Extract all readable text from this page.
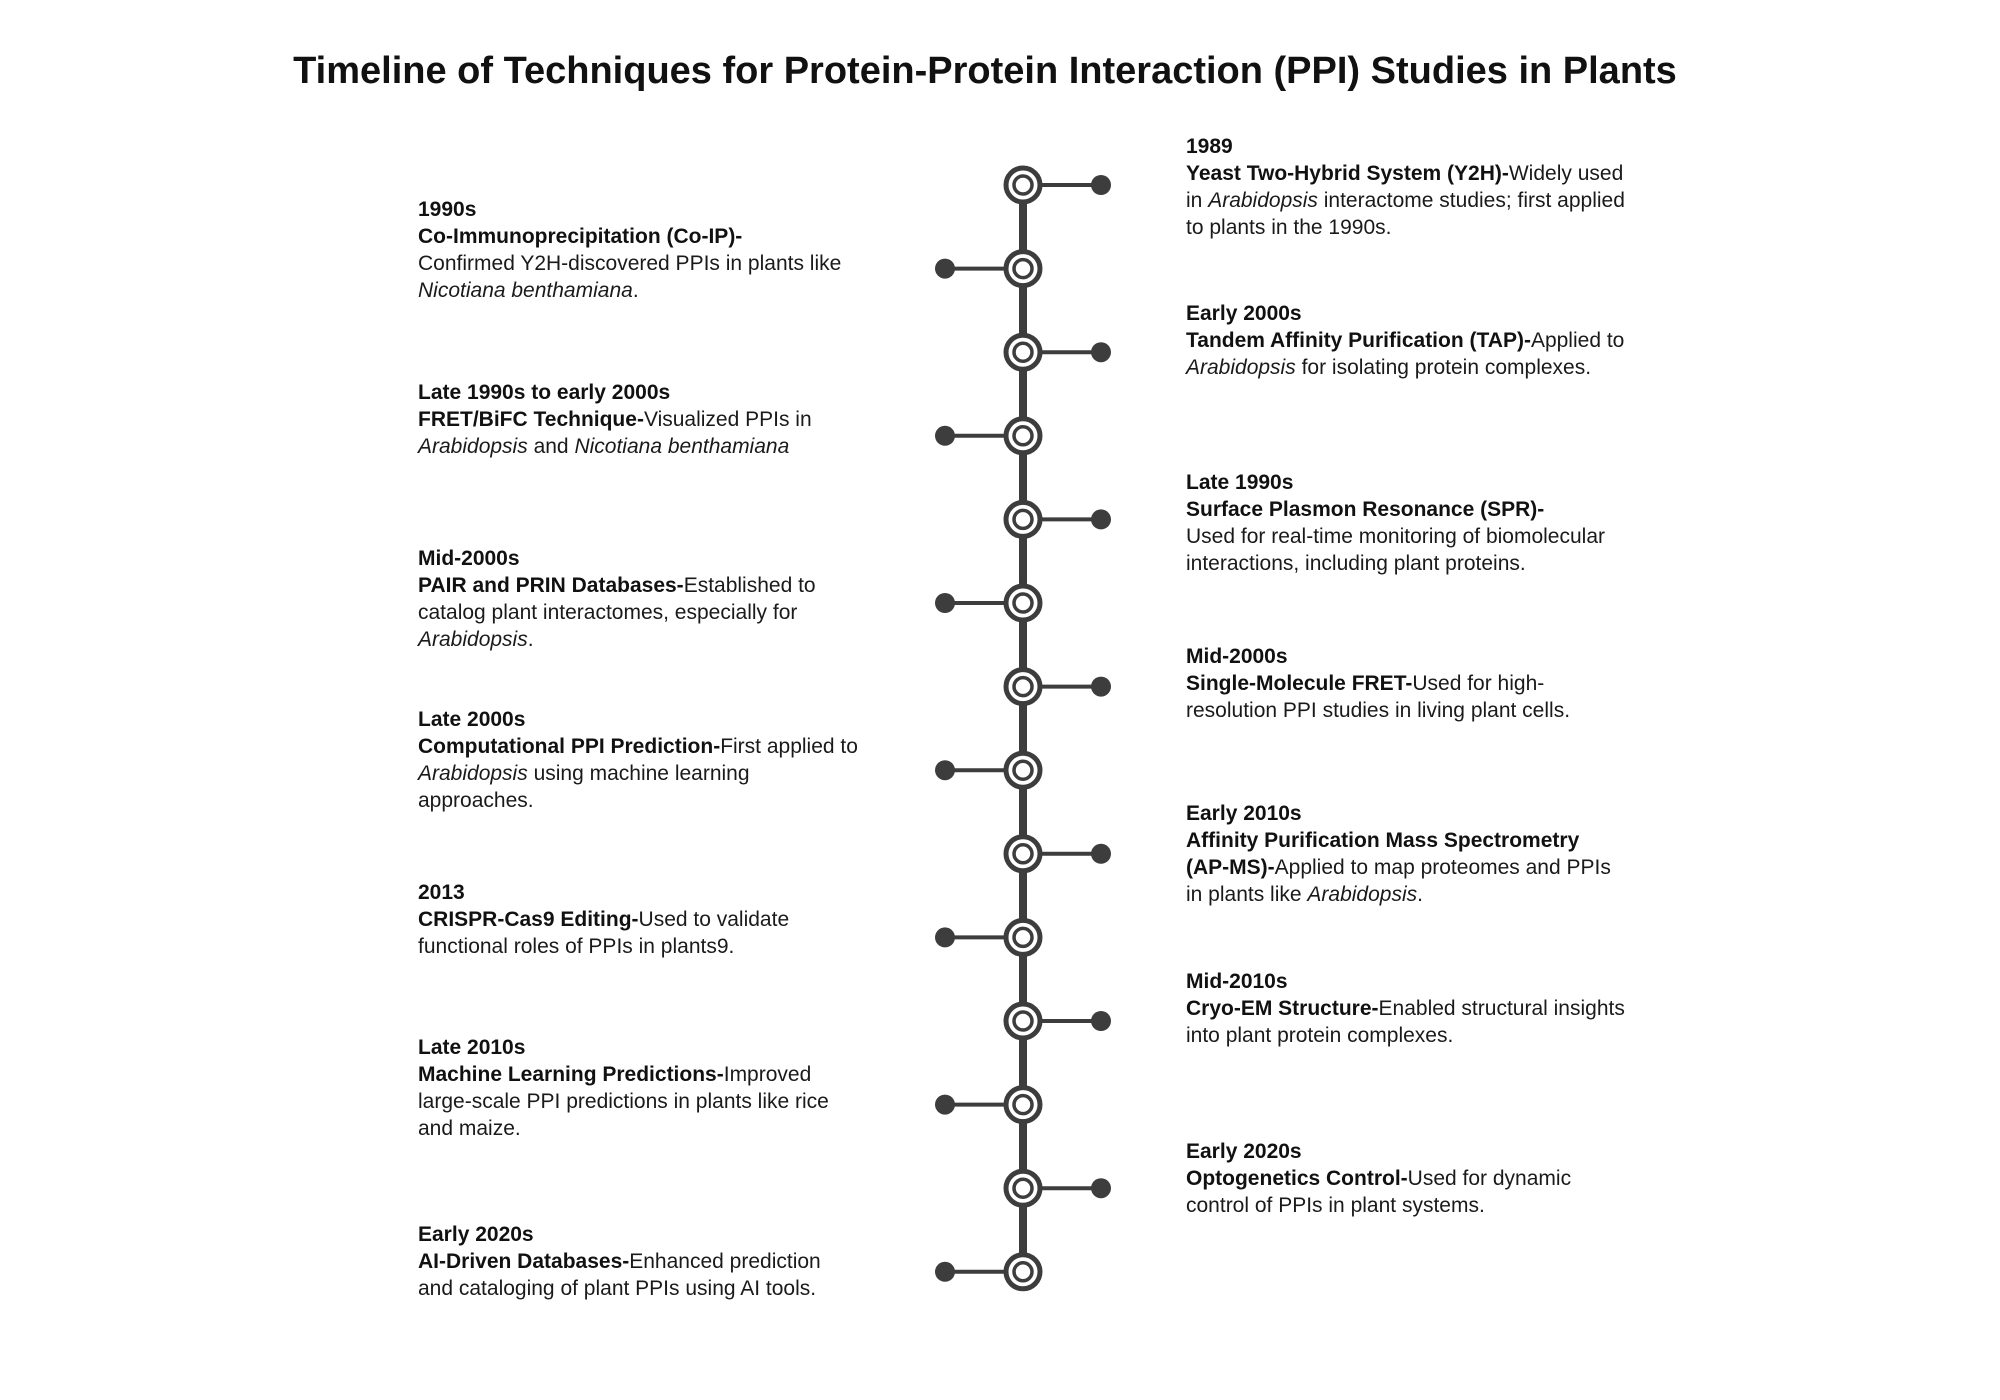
Timeline of Techniques for Protein-Protein Interaction (PPI) Studies in Plants
1989
Yeast Two-Hybrid System (Y2H)-Widely used in Arabidopsis interactome studies; first applied to plants in the 1990s.
1990s
Co-Immunoprecipitation (Co-IP)-
Confirmed Y2H-discovered PPIs in plants like Nicotiana benthamiana.
Early 2000s
Tandem Affinity Purification (TAP)-Applied to Arabidopsis for isolating protein complexes.
Late 1990s to early 2000s
FRET/BiFC Technique-Visualized PPIs in Arabidopsis and Nicotiana benthamiana
Late 1990s
Surface Plasmon Resonance (SPR)-
Used for real-time monitoring of biomolecular interactions, including plant proteins.
Mid-2000s
PAIR and PRIN Databases-Established to catalog plant interactomes, especially for Arabidopsis.
Mid-2000s
Single-Molecule FRET-Used for high-resolution PPI studies in living plant cells.
Late 2000s
Computational PPI Prediction-First applied to Arabidopsis using machine learning approaches.
Early 2010s
Affinity Purification Mass Spectrometry (AP-MS)-Applied to map proteomes and PPIs in plants like Arabidopsis.
2013
CRISPR-Cas9 Editing-Used to validate functional roles of PPIs in plants9.
Mid-2010s
Cryo-EM Structure-Enabled structural insights into plant protein complexes.
Late 2010s
Machine Learning Predictions-Improved large-scale PPI predictions in plants like rice and maize.
Early 2020s
Optogenetics Control-Used for dynamic control of PPIs in plant systems.
Early 2020s
AI-Driven Databases-Enhanced prediction and cataloging of plant PPIs using AI tools.
